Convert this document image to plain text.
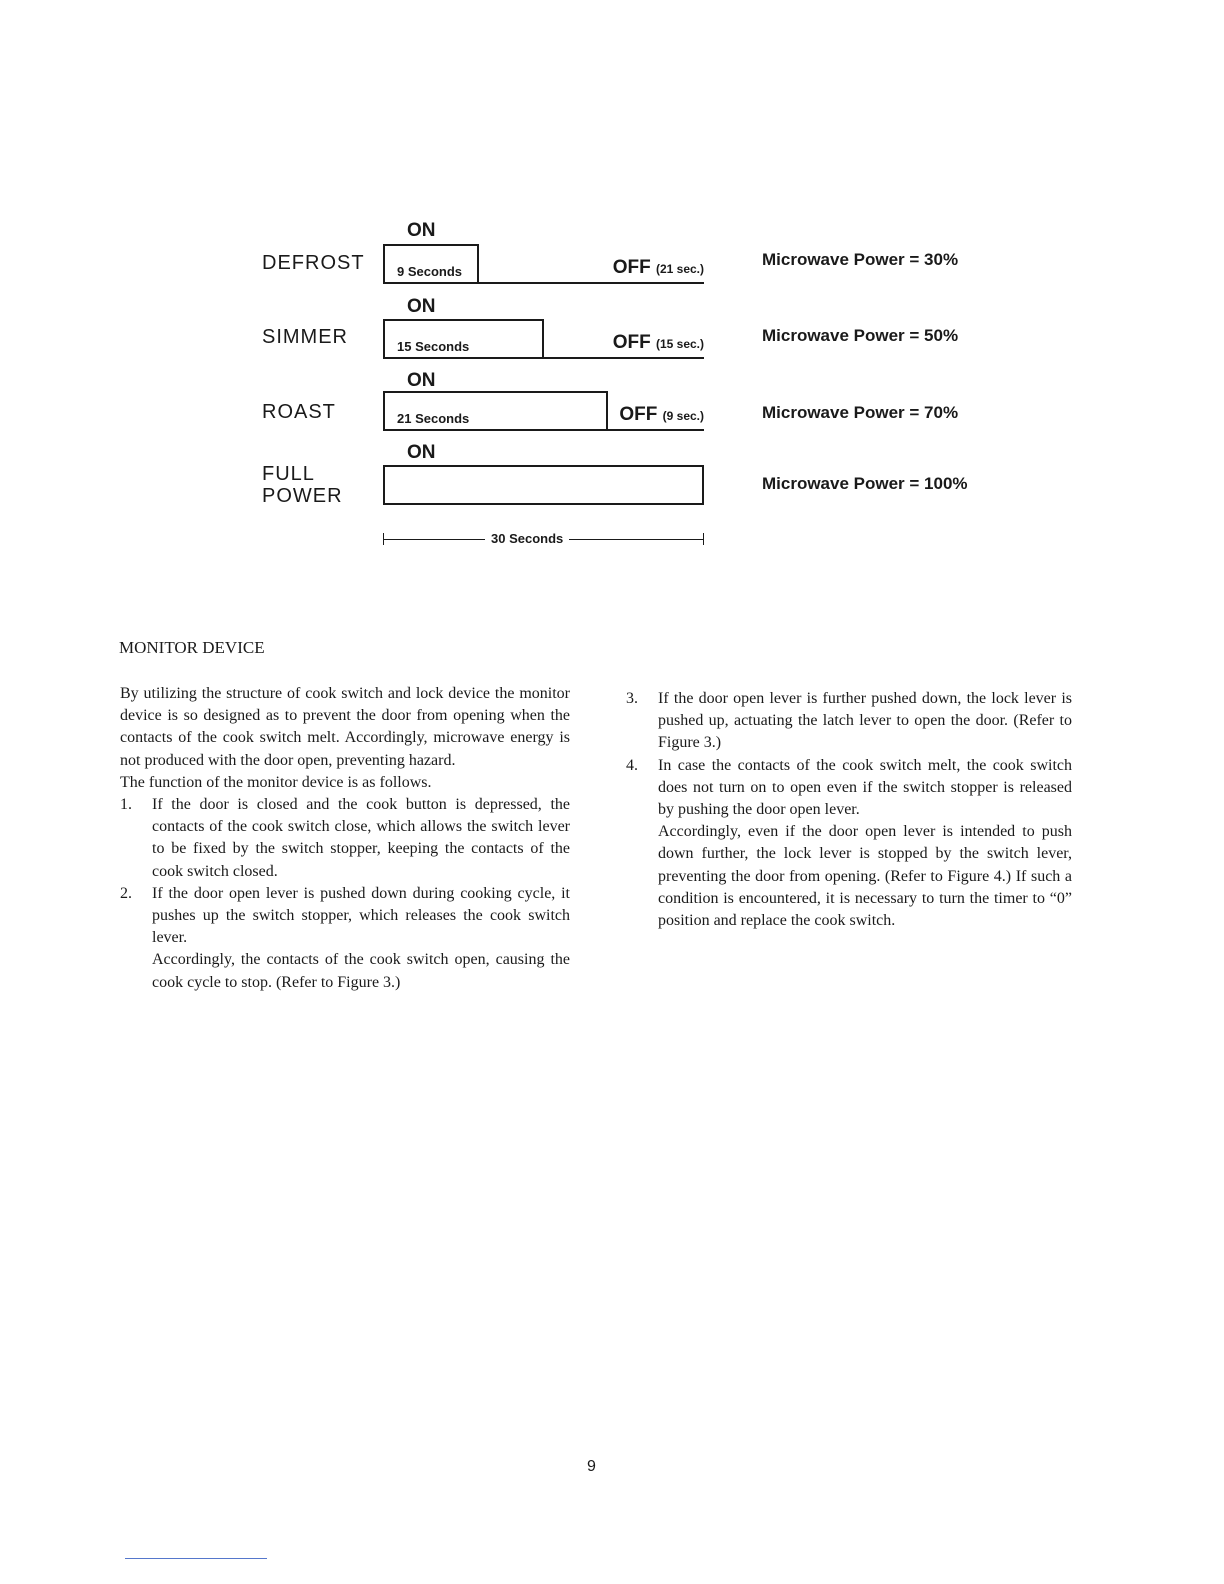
DEFROST
ON
9 Seconds	OFF (21 sec.)	Microwave Power = 30%
SIMMER
ON
15 Seconds	OFF (15 sec.)	Microwave Power = 50%
ROAST
ON
21 Seconds	OFF (9 sec.)	Microwave Power = 70%
FULL
POWER
ON
Microwave Power = 100%
30 Seconds
MONITOR DEVICE

By utilizing the structure of cook switch and lock device the monitor device is so designed as to prevent the door from opening when the contacts of the cook switch melt. Accordingly, microwave energy is not produced with the door open, preventing hazard.

The function of the monitor device is as follows.

1. If the door is closed and the cook button is depressed, the contacts of the cook switch close, which allows the switch lever to be fixed by the switch stopper, keeping the contacts of the cook switch closed.

2. If the door open lever is pushed down during cooking cycle, it pushes up the switch stopper, which releases the cook switch lever.

Accordingly, the contacts of the cook switch open, causing the cook cycle to stop. (Refer to Figure 3.)

3. If the door open lever is further pushed down, the lock lever is pushed up, actuating the latch lever to open the door. (Refer to Figure 3.)

4. In case the contacts of the cook switch melt, the cook switch does not turn on to open even if the switch stopper is released by pushing the door open lever.

Accordingly, even if the door open lever is intended to push down further, the lock lever is stopped by the switch lever, preventing the door from opening. (Refer to Figure 4.) If such a condition is encountered, it is necessary to turn the timer to “0” position and replace the cook switch.

9
